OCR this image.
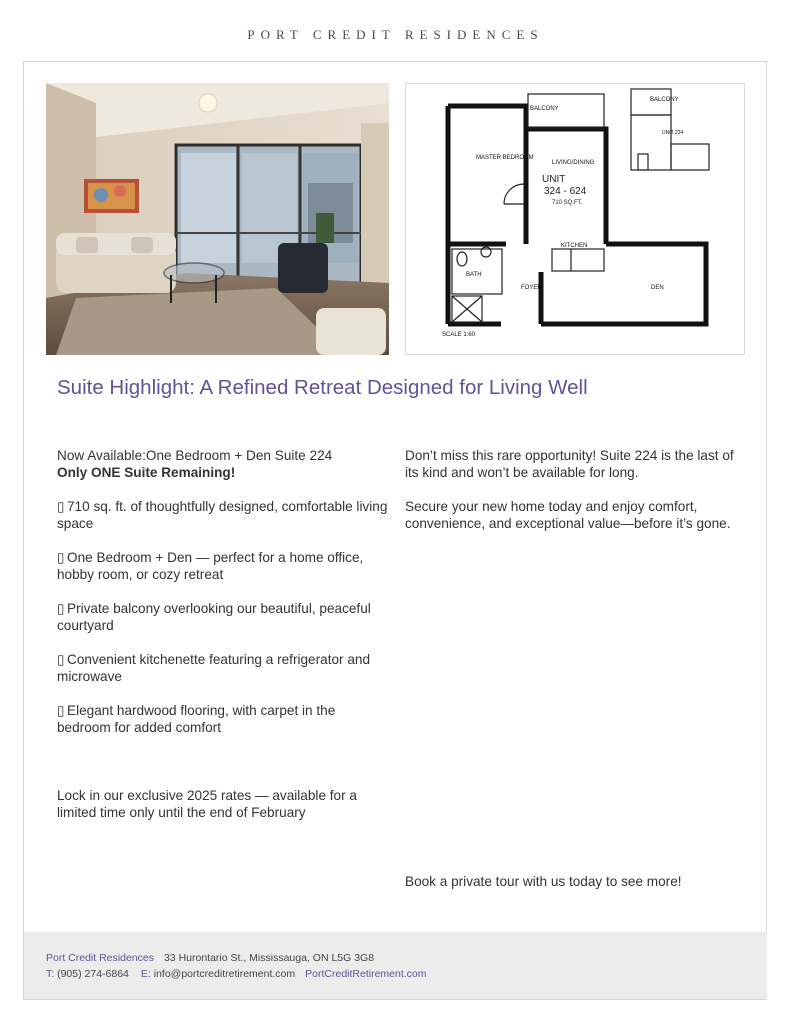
PORT CREDIT RESIDENCES
BALCONY
MASTER BEDROOM
LIVING/DINING
KITCHEN
BATH
FOYER	DEN
SCALE 1:60
BALCONY
UNIT 224
UNIT
324 - 624
710 SQ.FT.
Suite Highlight: A Refined Retreat Designed for Living Well

Now Available:One Bedroom + Den Suite 224

Only ONE Suite Remaining!

▯ 710 sq. ft. of thoughtfully designed, comfortable living space

▯ One Bedroom + Den — perfect for a home office, hobby room, or cozy retreat

▯ Private balcony overlooking our beautiful, peaceful courtyard

▯ Convenient kitchenette featuring a refrigerator and microwave

▯ Elegant hardwood flooring, with carpet in the bedroom for added comfort

Lock in our exclusive 2025 rates — available for a limited time only until the end of February

Don’t miss this rare opportunity! Suite 224 is the last of its kind and won’t be available for long.

Secure your new home today and enjoy comfort, convenience, and exceptional value—before it’s gone.

Book a private tour with us today to see more!
Port Credit Residences 33 Hurontario St., Mississauga, ON L5G 3G8
T: (905) 274-6864 E: info@portcreditretirement.com PortCreditRetirement.com
